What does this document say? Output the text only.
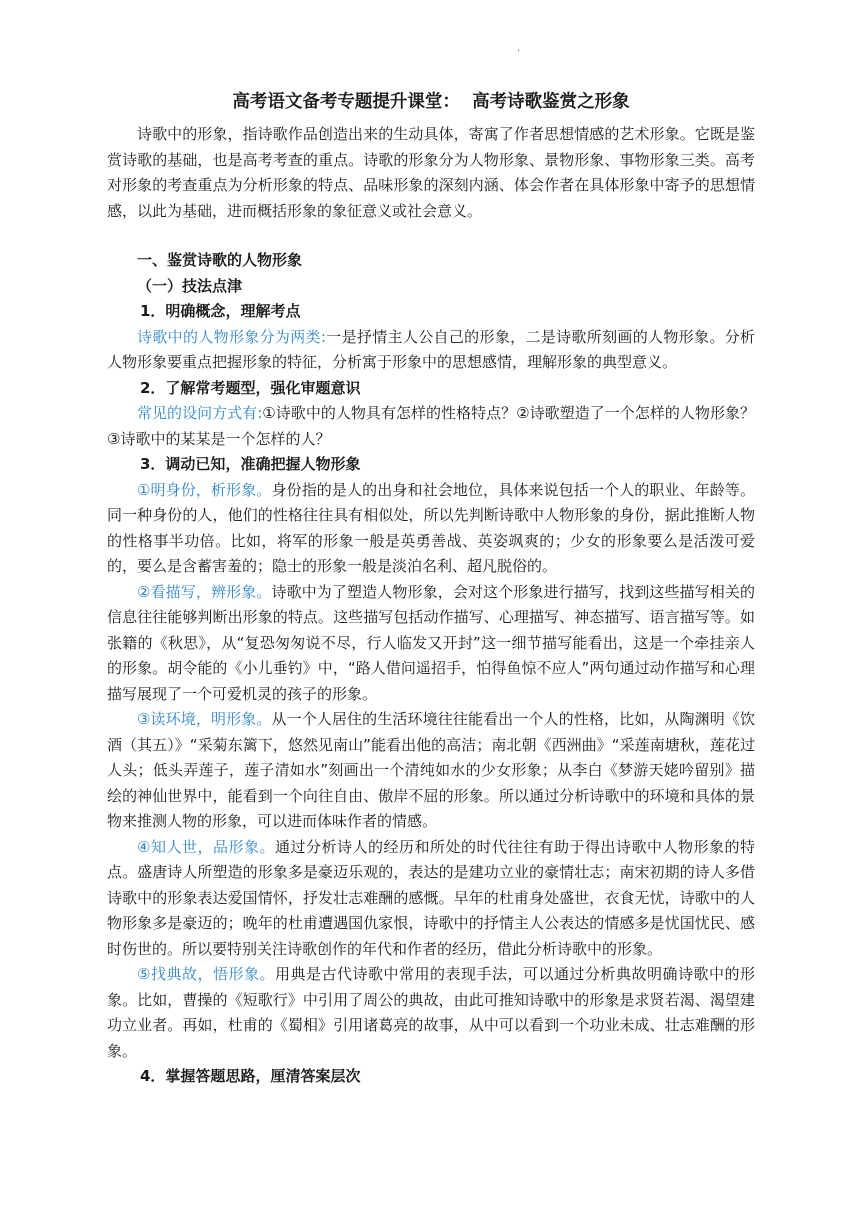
.
高考语文备考专题提升课堂：  高考诗歌鉴赏之形象

诗歌中的形象，指诗歌作品创造出来的生动具体，寄寓了作者思想情感的艺术形象。它既是鉴赏诗歌的基础，也是高考考查的重点。诗歌的形象分为人物形象、景物形象、事物形象三类。高考对形象的考查重点为分析形象的特点、品味形象的深刻内涵、体会作者在具体形象中寄予的思想情感，以此为基础，进而概括形象的象征意义或社会意义。

一、鉴赏诗歌的人物形象

（一）技法点津

1．明确概念，理解考点

诗歌中的人物形象分为两类:一是抒情主人公自己的形象，二是诗歌所刻画的人物形象。分析人物形象要重点把握形象的特征，分析寓于形象中的思想感情，理解形象的典型意义。

2．了解常考题型，强化审题意识

常见的设问方式有:①诗歌中的人物具有怎样的性格特点？②诗歌塑造了一个怎样的人物形象？③诗歌中的某某是一个怎样的人？

3．调动已知，准确把握人物形象

①明身份，析形象。身份指的是人的出身和社会地位，具体来说包括一个人的职业、年龄等。同一种身份的人，他们的性格往往具有相似处，所以先判断诗歌中人物形象的身份，据此推断人物的性格事半功倍。比如，将军的形象一般是英勇善战、英姿飒爽的；少女的形象要么是活泼可爱的，要么是含蓄害羞的；隐士的形象一般是淡泊名利、超凡脱俗的。

②看描写，辨形象。诗歌中为了塑造人物形象，会对这个形象进行描写，找到这些描写相关的信息往往能够判断出形象的特点。这些描写包括动作描写、心理描写、神态描写、语言描写等。如张籍的《秋思》，从“复恐匆匆说不尽，行人临发又开封”这一细节描写能看出，这是一个牵挂亲人的形象。胡令能的《小儿垂钓》中，“路人借问遥招手，怕得鱼惊不应人”两句通过动作描写和心理描写展现了一个可爱机灵的孩子的形象。

③读环境，明形象。从一个人居住的生活环境往往能看出一个人的性格，比如，从陶渊明《饮酒（其五）》“采菊东篱下，悠然见南山”能看出他的高洁；南北朝《西洲曲》“采莲南塘秋，莲花过人头；低头弄莲子，莲子清如水”刻画出一个清纯如水的少女形象；从李白《梦游天姥吟留别》描绘的神仙世界中，能看到一个向往自由、傲岸不屈的形象。所以通过分析诗歌中的环境和具体的景物来推测人物的形象，可以进而体味作者的情感。

④知人世，品形象。通过分析诗人的经历和所处的时代往往有助于得出诗歌中人物形象的特点。盛唐诗人所塑造的形象多是豪迈乐观的，表达的是建功立业的豪情壮志；南宋初期的诗人多借诗歌中的形象表达爱国情怀，抒发壮志难酬的感慨。早年的杜甫身处盛世，衣食无忧，诗歌中的人物形象多是豪迈的；晚年的杜甫遭遇国仇家恨，诗歌中的抒情主人公表达的情感多是忧国忧民、感时伤世的。所以要特别关注诗歌创作的年代和作者的经历，借此分析诗歌中的形象。

⑤找典故，悟形象。用典是古代诗歌中常用的表现手法，可以通过分析典故明确诗歌中的形象。比如，曹操的《短歌行》中引用了周公的典故，由此可推知诗歌中的形象是求贤若渴、渴望建功立业者。再如，杜甫的《蜀相》引用诸葛亮的故事，从中可以看到一个功业未成、壮志难酬的形象。

4．掌握答题思路，厘清答案层次
